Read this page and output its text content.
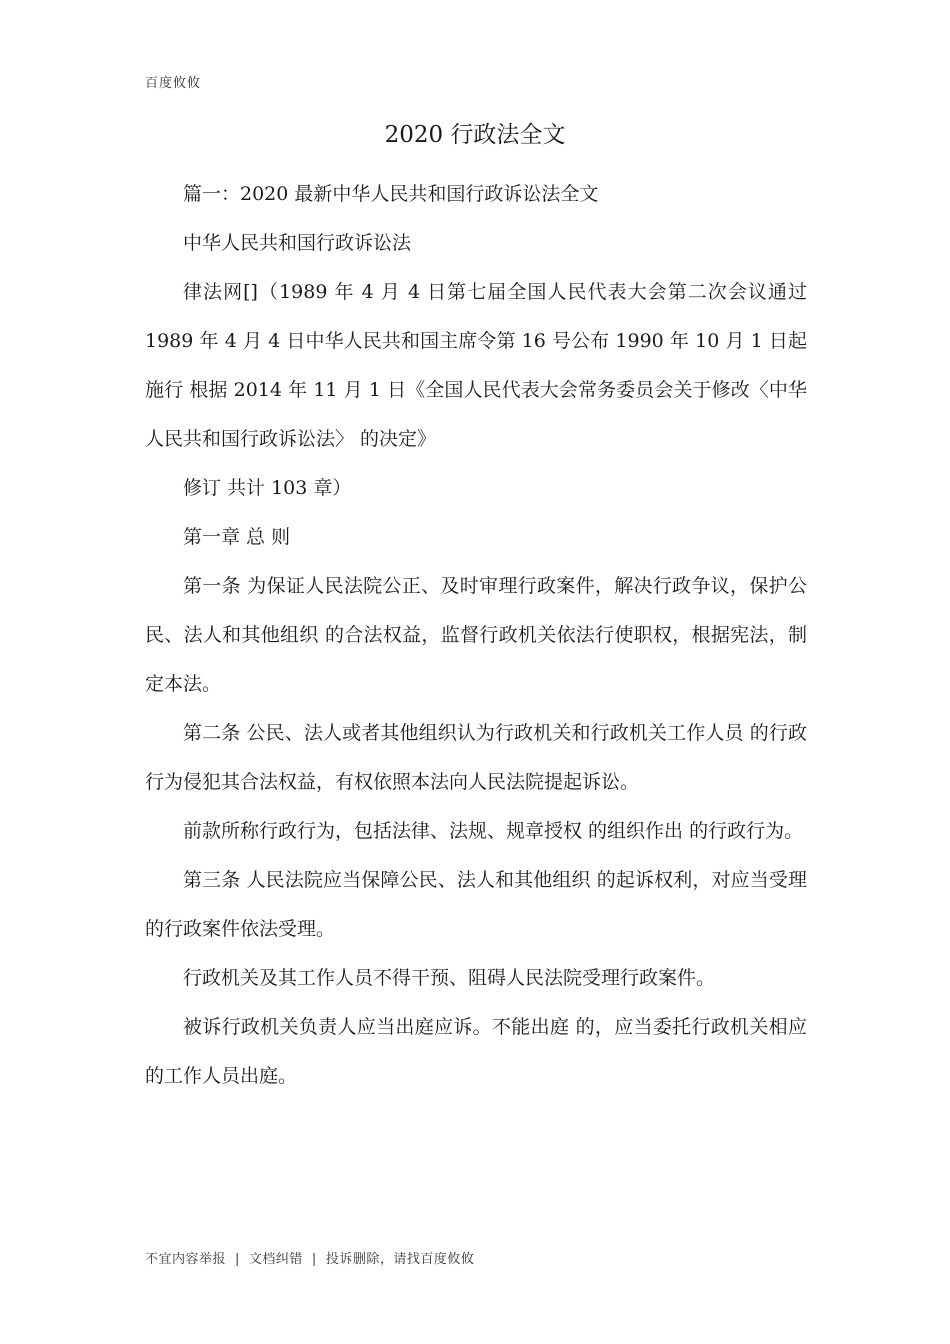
百度攸攸
2020 行政法全文

篇一：2020 最新中华人民共和国行政诉讼法全文

中华人民共和国行政诉讼法

律法网[]（1989 年 4 月 4 日第七届全国人民代表大会第二次会议通过 1989 年 4 月 4 日中华人民共和国主席令第 16 号公布 1990 年 10 月 1 日起施行 根据 2014 年 11 月 1 日《全国人民代表大会常务委员会关于修改〈中华人民共和国行政诉讼法〉 的决定》

修订 共计 103 章）

第一章 总 则

第一条 为保证人民法院公正、及时审理行政案件，解决行政争议，保护公民、法人和其他组织 的合法权益，监督行政机关依法行使职权，根据宪法，制定本法。

第二条 公民、法人或者其他组织认为行政机关和行政机关工作人员 的行政行为侵犯其合法权益，有权依照本法向人民法院提起诉讼。

前款所称行政行为，包括法律、法规、规章授权 的组织作出 的行政行为。

第三条 人民法院应当保障公民、法人和其他组织 的起诉权利，对应当受理 的行政案件依法受理。

行政机关及其工作人员不得干预、阻碍人民法院受理行政案件。

被诉行政机关负责人应当出庭应诉。不能出庭 的，应当委托行政机关相应 的工作人员出庭。

不宜内容举报 | 文档纠错 | 投诉删除，请找百度攸攸
